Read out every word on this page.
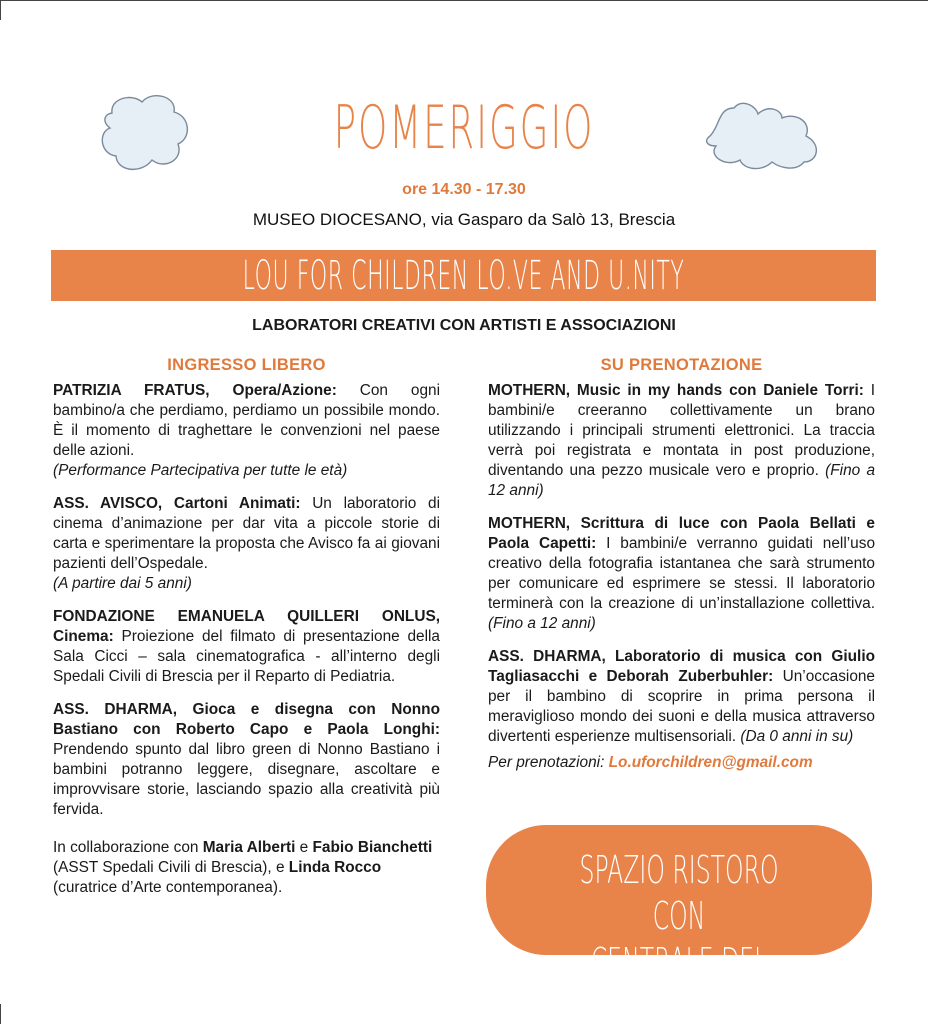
POMERIGGIO
ore 14.30 - 17.30
MUSEO DIOCESANO, via Gasparo da Salò 13, Brescia
LOU FOR CHILDREN LO.VE AND U.NITY
LABORATORI CREATIVI CON ARTISTI E ASSOCIAZIONI
INGRESSO LIBERO
PATRIZIA FRATUS, Opera/Azione: Con ogni bambino/a che perdiamo, perdiamo un possibile mondo. È il momento di traghettare le convenzioni nel paese delle azioni.
(Performance Partecipativa per tutte le età)
ASS. AVISCO, Cartoni Animati: Un laboratorio di cinema d’animazione per dar vita a piccole storie di carta e sperimentare la proposta che Avisco fa ai giovani pazienti dell’Ospedale.
(A partire dai 5 anni)
FONDAZIONE EMANUELA QUILLERI ONLUS, Cinema: Proiezione del filmato di presentazione della Sala Cicci – sala cinematografica - all’interno degli Spedali Civili di Brescia per il Reparto di Pediatria.
ASS. DHARMA, Gioca e disegna con Nonno Bastiano con Roberto Capo e Paola Longhi: Prendendo spunto dal libro green di Nonno Bastiano i bambini potranno leggere, disegnare, ascoltare e improvvisare storie, lasciando spazio alla creatività più fervida.
In collaborazione con Maria Alberti e Fabio Bianchetti (ASST Spedali Civili di Brescia), e Linda Rocco (curatrice d’Arte contemporanea).
SU PRENOTAZIONE
MOTHERN, Music in my hands con Daniele Torri: I bambini/e creeranno collettivamente un brano utilizzando i principali strumenti elettronici. La traccia verrà poi registrata e montata in post produzione, diventando una pezzo musicale vero e proprio. (Fino a 12 anni)
MOTHERN, Scrittura di luce con Paola Bellati e Paola Capetti: I bambini/e verranno guidati nell’uso creativo della fotografia istantanea che sarà strumento per comunicare ed esprimere se stessi. Il laboratorio terminerà con la creazione di un’installazione collettiva. (Fino a 12 anni)
ASS. DHARMA, Laboratorio di musica con Giulio Tagliasacchi e Deborah Zuberbuhler: Un’occasione per il bambino di scoprire in prima persona il meraviglioso mondo dei suoni e della musica attraverso divertenti esperienze multisensoriali. (Da 0 anni in su)
Per prenotazioni: Lo.uforchildren@gmail.com
SPAZIO RISTORO CON
CENTRALE DEL LATTE
